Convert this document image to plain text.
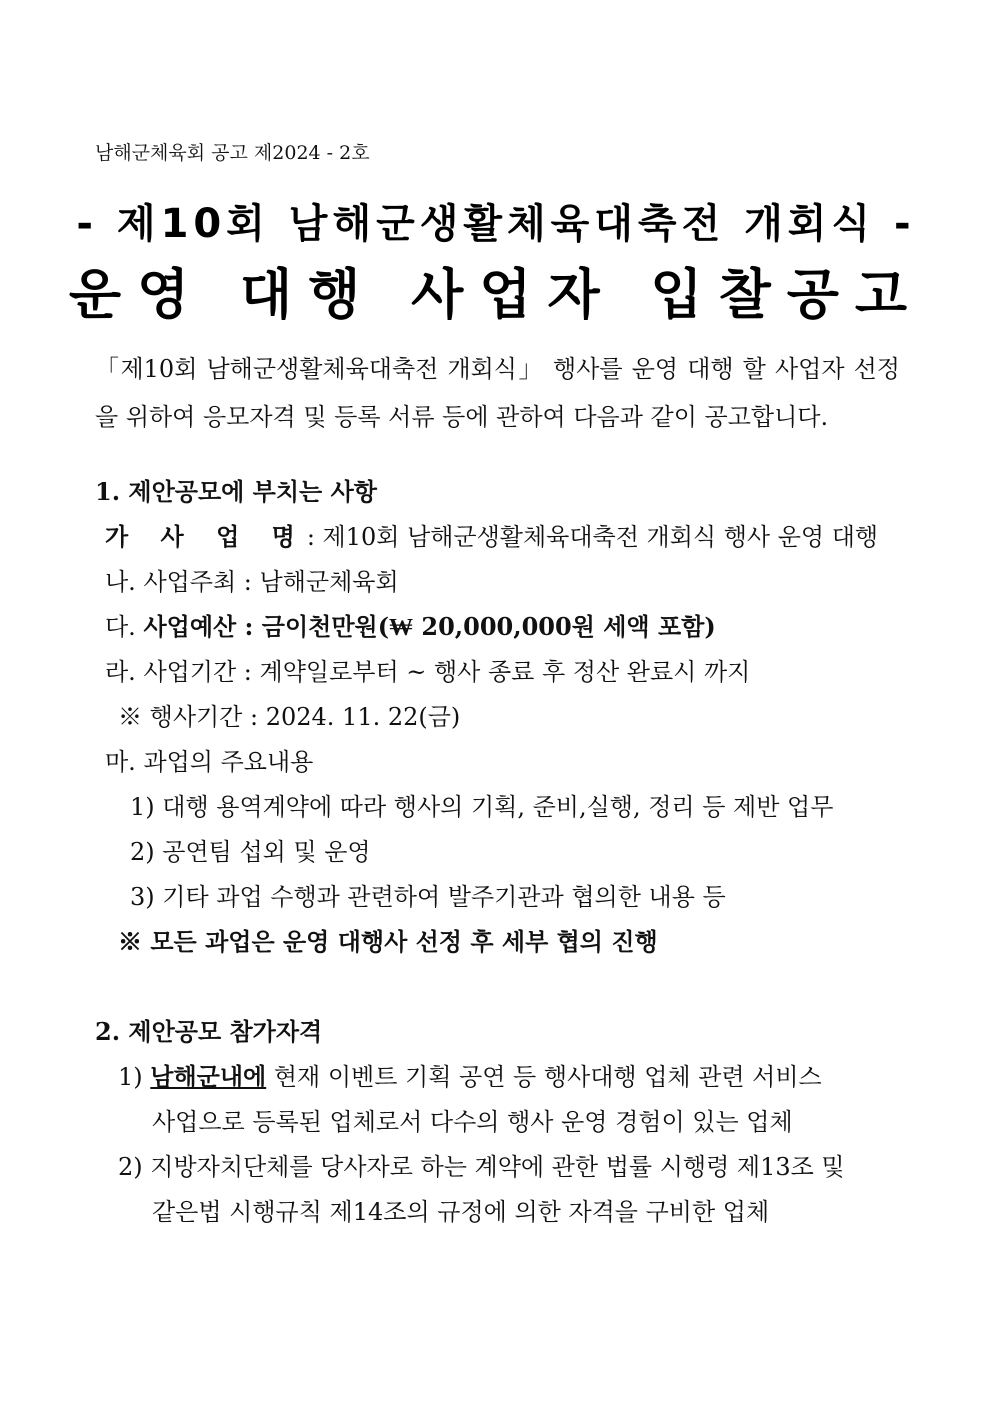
남해군체육회 공고 제2024 - 2호
- 제10회 남해군생활체육대축전 개회식 -
운영 대행 사업자 입찰공고
「제10회 남해군생활체육대축전 개회식」 행사를 운영 대행 할 사업자 선정을 위하여 응모자격 및 등록 서류 등에 관하여 다음과 같이 공고합니다.
1. 제안공모에 부치는 사항
가 사 업 명: 제10회 남해군생활체육대축전 개회식 행사 운영 대행
나. 사업주최 : 남해군체육회
다. 사업예산 : 금이천만원(₩ 20,000,000원 세액 포함)
라. 사업기간 : 계약일로부터 ~ 행사 종료 후 정산 완료시 까지
※ 행사기간 : 2024. 11. 22(금)
마. 과업의 주요내용
1) 대행 용역계약에 따라 행사의 기획, 준비,실행, 정리 등 제반 업무
2) 공연팀 섭외 및 운영
3) 기타 과업 수행과 관련하여 발주기관과 협의한 내용 등
※ 모든 과업은 운영 대행사 선정 후 세부 협의 진행
2. 제안공모 참가자격
1) 남해군내에 현재 이벤트 기획 공연 등 행사대행 업체 관련 서비스
사업으로 등록된 업체로서 다수의 행사 운영 경험이 있는 업체
2) 지방자치단체를 당사자로 하는 계약에 관한 법률 시행령 제13조 및
같은법 시행규칙 제14조의 규정에 의한 자격을 구비한 업체
